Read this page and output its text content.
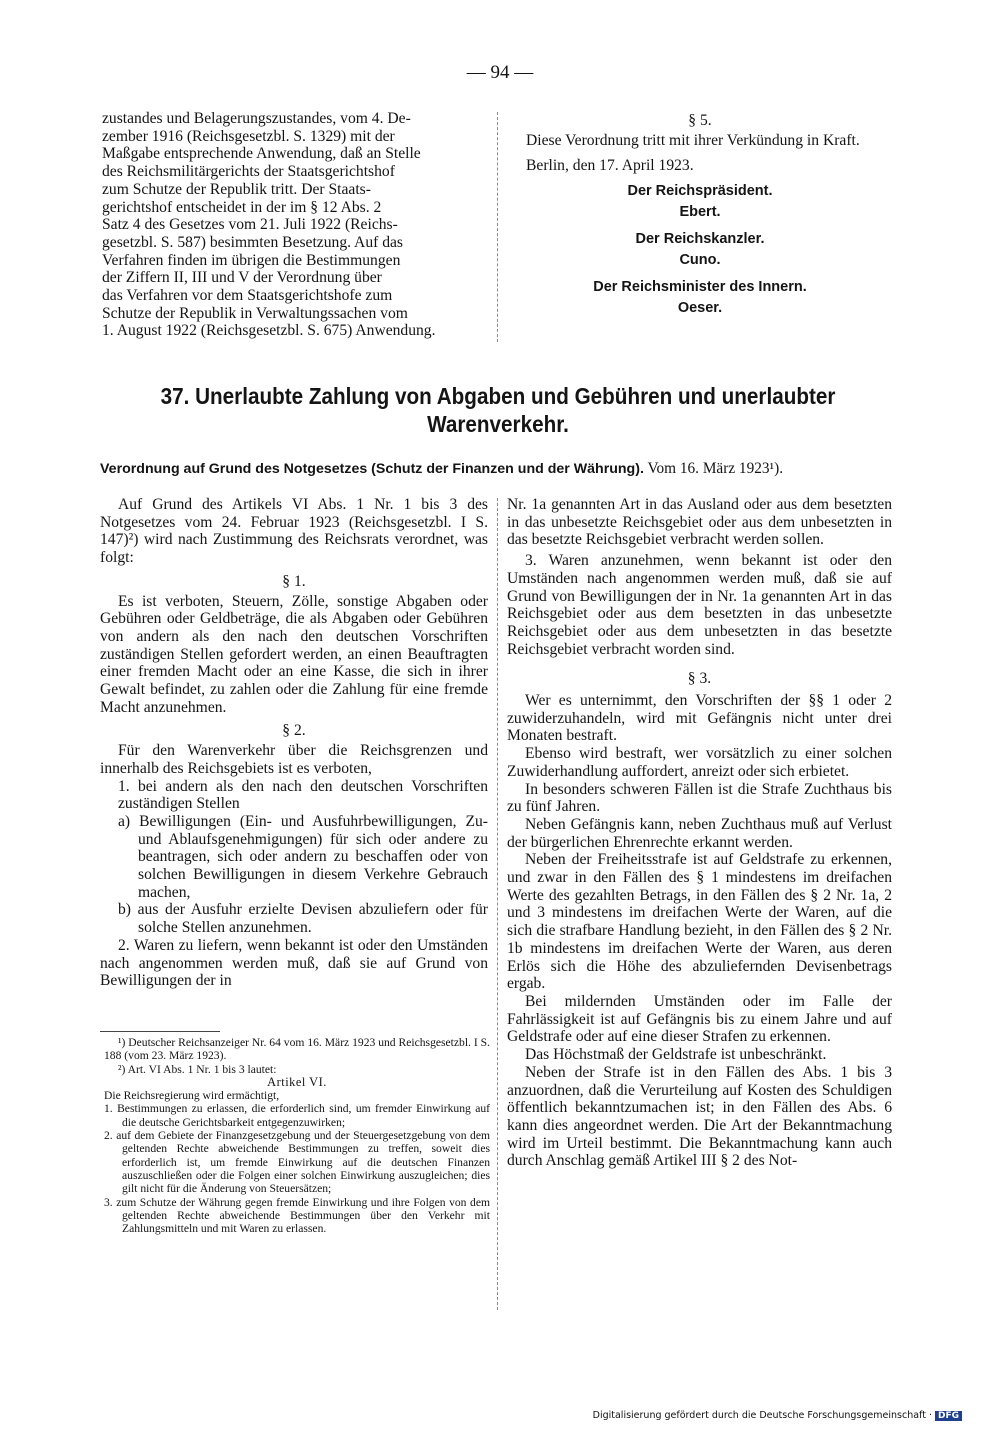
— 94 —

zustandes und Belagerungszustandes, vom 4. De-

zember 1916 (Reichsgesetzbl. S. 1329) mit der

Maßgabe entsprechende Anwendung, daß an Stelle

des Reichsmilitärgerichts der Staatsgerichtshof

zum Schutze der Republik tritt. Der Staats-

gerichtshof entscheidet in der im § 12 Abs. 2

Satz 4 des Gesetzes vom 21. Juli 1922 (Reichs-

gesetzbl. S. 587) besimmten Besetzung. Auf das

Verfahren finden im übrigen die Bestimmungen

der Ziffern II, III und V der Verordnung über

das Verfahren vor dem Staatsgerichtshofe zum

Schutze der Republik in Verwaltungssachen vom

1. August 1922 (Reichsgesetzbl. S. 675) Anwendung.

§ 5.

Diese Verordnung tritt mit ihrer Verkündung in Kraft.

Berlin, den 17. April 1923.

Der Reichspräsident.
Ebert.
Der Reichskanzler.
Cuno.
Der Reichsminister des Innern.
Oeser.
37. Unerlaubte Zahlung von Abgaben und Gebühren und unerlaubter
Warenverkehr.
Verordnung auf Grund des Notgesetzes (Schutz der Finanzen und der Währung). Vom 16. März 1923¹).

Auf Grund des Artikels VI Abs. 1 Nr. 1 bis 3 des Notgesetzes vom 24. Februar 1923 (Reichsgesetzbl. I S. 147)²) wird nach Zustimmung des Reichsrats verordnet, was folgt:

§ 1.

Es ist verboten, Steuern, Zölle, sonstige Abgaben oder Gebühren oder Geldbeträge, die als Abgaben oder Gebühren von andern als den nach den deutschen Vorschriften zuständigen Stellen gefordert werden, an einen Beauftragten einer fremden Macht oder an eine Kasse, die sich in ihrer Gewalt befindet, zu zahlen oder die Zahlung für eine fremde Macht anzunehmen.

§ 2.

Für den Warenverkehr über die Reichsgrenzen und innerhalb des Reichsgebiets ist es verboten,

1. bei andern als den nach den deutschen Vorschriften zuständigen Stellen

a) Bewilligungen (Ein- und Ausfuhrbewilligungen, Zu- und Ablaufsgenehmigungen) für sich oder andere zu beantragen, sich oder andern zu beschaffen oder von solchen Bewilligungen in diesem Verkehre Gebrauch machen,

b) aus der Ausfuhr erzielte Devisen abzuliefern oder für solche Stellen anzunehmen.

2. Waren zu liefern, wenn bekannt ist oder den Umständen nach angenommen werden muß, daß sie auf Grund von Bewilligungen der in

¹) Deutscher Reichsanzeiger Nr. 64 vom 16. März 1923 und Reichsgesetzbl. I S. 188 (vom 23. März 1923).

²) Art. VI Abs. 1 Nr. 1 bis 3 lautet:

Artikel VI.

Die Reichsregierung wird ermächtigt,

1. Bestimmungen zu erlassen, die erforderlich sind, um fremder Einwirkung auf die deutsche Gerichtsbarkeit entgegenzuwirken;

2. auf dem Gebiete der Finanzgesetzgebung und der Steuergesetzgebung von dem geltenden Rechte abweichende Bestimmungen zu treffen, soweit dies erforderlich ist, um fremde Einwirkung auf die deutschen Finanzen auszuschließen oder die Folgen einer solchen Einwirkung auszugleichen; dies gilt nicht für die Änderung von Steuersätzen;

3. zum Schutze der Währung gegen fremde Einwirkung und ihre Folgen von dem geltenden Rechte abweichende Bestimmungen über den Verkehr mit Zahlungsmitteln und mit Waren zu erlassen.

Nr. 1a genannten Art in das Ausland oder aus dem besetzten in das unbesetzte Reichsgebiet oder aus dem unbesetzten in das besetzte Reichsgebiet verbracht werden sollen.

3. Waren anzunehmen, wenn bekannt ist oder den Umständen nach angenommen werden muß, daß sie auf Grund von Bewilligungen der in Nr. 1a genannten Art in das Reichsgebiet oder aus dem besetzten in das unbesetzte Reichsgebiet oder aus dem unbesetzten in das besetzte Reichsgebiet verbracht worden sind.

§ 3.

Wer es unternimmt, den Vorschriften der §§ 1 oder 2 zuwiderzuhandeln, wird mit Gefängnis nicht unter drei Monaten bestraft.

Ebenso wird bestraft, wer vorsätzlich zu einer solchen Zuwiderhandlung auffordert, anreizt oder sich erbietet.

In besonders schweren Fällen ist die Strafe Zuchthaus bis zu fünf Jahren.

Neben Gefängnis kann, neben Zuchthaus muß auf Verlust der bürgerlichen Ehrenrechte erkannt werden.

Neben der Freiheitsstrafe ist auf Geldstrafe zu erkennen, und zwar in den Fällen des § 1 mindestens im dreifachen Werte des gezahlten Betrags, in den Fällen des § 2 Nr. 1a, 2 und 3 mindestens im dreifachen Werte der Waren, auf die sich die strafbare Handlung bezieht, in den Fällen des § 2 Nr. 1b mindestens im dreifachen Werte der Waren, aus deren Erlös sich die Höhe des abzuliefernden Devisenbetrags ergab.

Bei mildernden Umständen oder im Falle der Fahrlässigkeit ist auf Gefängnis bis zu einem Jahre und auf Geldstrafe oder auf eine dieser Strafen zu erkennen.

Das Höchstmaß der Geldstrafe ist unbeschränkt.

Neben der Strafe ist in den Fällen des Abs. 1 bis 3 anzuordnen, daß die Verurteilung auf Kosten des Schuldigen öffentlich bekanntzumachen ist; in den Fällen des Abs. 6 kann dies angeordnet werden. Die Art der Bekanntmachung wird im Urteil bestimmt. Die Bekanntmachung kann auch durch Anschlag gemäß Artikel III § 2 des Not-

Digitalisierung gefördert durch die Deutsche Forschungsgemeinschaft · DFG
